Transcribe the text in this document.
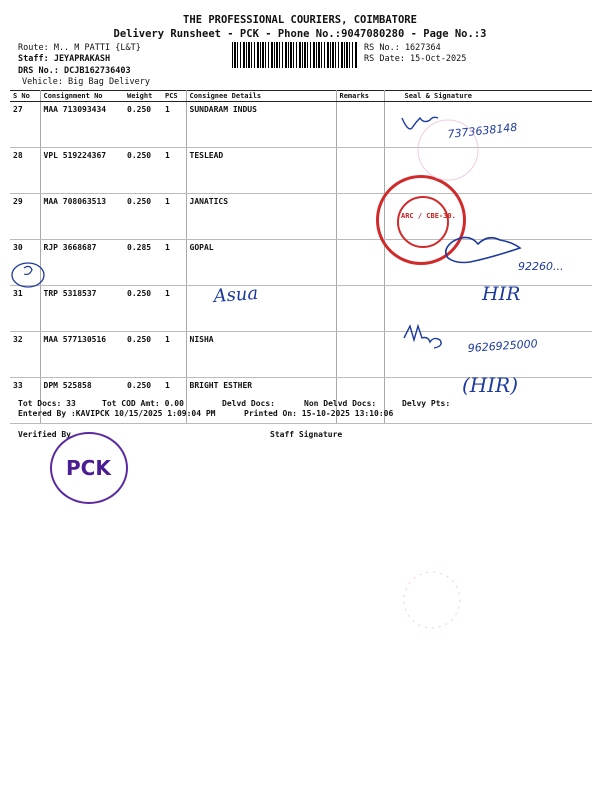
THE PROFESSIONAL COURIERS, COIMBATORE
Delivery Runsheet - PCK - Phone No.:9047080280 - Page No.:3
Route: M.. M PATTI {L&T}
Staff: JEYAPRAKASH
DRS No.: DCJB162736403
Vehicle: Big Bag Delivery
RS No.: 1627364
RS Date: 15-Oct-2025
S No	Consignment No	Weight	PCS	Consignee Details	Remarks	Seal & Signature
27	MAA 713093434	0.250	1	SUNDARAM INDUS		
28	VPL 519224367	0.250	1	TESLEAD		
29	MAA 708063513	0.250	1	JANATICS		
30	RJP 3668687	0.285	1	GOPAL		
31	TRP 5318537	0.250	1			
32	MAA 577130516	0.250	1	NISHA		
33	DPM 525858	0.250	1	BRIGHT ESTHER		
Tot Docs: 33	Tot COD Amt: 0.00	Delvd Docs:	Non Delvd Docs:	Delvy Pts:
Entered By :KAVIPCK 10/15/2025 1:09:04 PM	Printed On: 15-10-2025 13:10:06
Verified By	Staff Signature
ARC / CBE-30.
PCK
7373638148
Asua
92260...
HIR
9626925000
(HIR)
